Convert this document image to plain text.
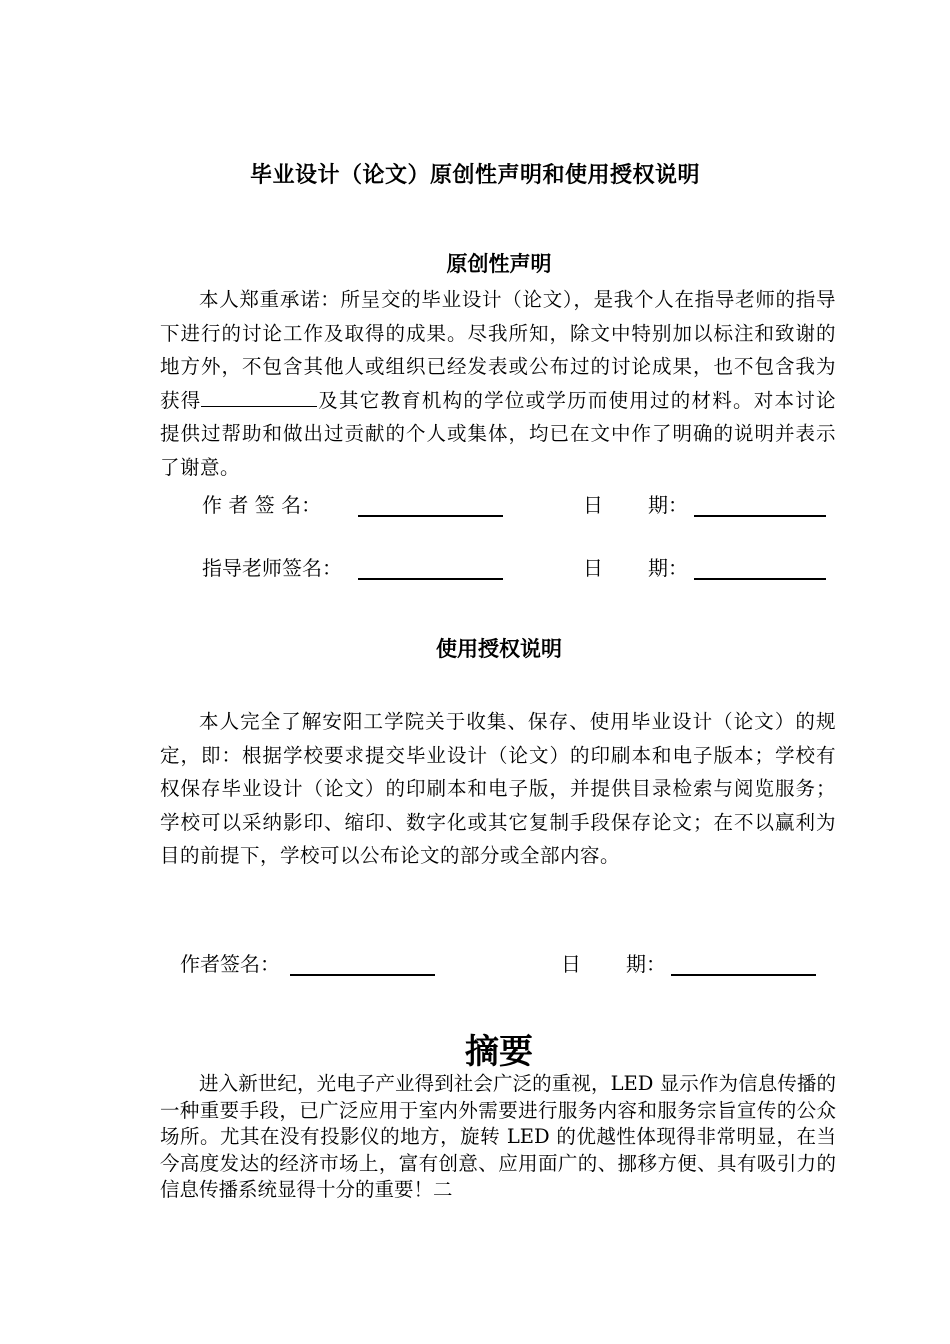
毕业设计（论文）原创性声明和使用授权说明
原创性声明

本人郑重承诺：所呈交的毕业设计（论文），是我个人在指导老师的指导下进行的讨论工作及取得的成果。尽我所知，除文中特别加以标注和致谢的地方外，不包含其他人或组织已经发表或公布过的讨论成果，也不包含我为获得	及其它教育机构的学位或学历而使用过的材料。对本讨论提供过帮助和做出过贡献的个人或集体，均已在文中作了明确的说明并表示了谢意。

作 者 签 名：	日 期：
指导老师签名：	日 期：
使用授权说明

本人完全了解安阳工学院关于收集、保存、使用毕业设计（论文）的规定，即：根据学校要求提交毕业设计（论文）的印刷本和电子版本；学校有权保存毕业设计（论文）的印刷本和电子版，并提供目录检索与阅览服务；学校可以采纳影印、缩印、数字化或其它复制手段保存论文；在不以赢利为目的前提下，学校可以公布论文的部分或全部内容。

作者签名：	日 期：
摘要

进入新世纪，光电子产业得到社会广泛的重视，LED 显示作为信息传播的一种重要手段，已广泛应用于室内外需要进行服务内容和服务宗旨宣传的公众场所。尤其在没有投影仪的地方，旋转 LED 的优越性体现得非常明显，在当今高度发达的经济市场上，富有创意、应用面广的、挪移方便、具有吸引力的信息传播系统显得十分的重要！二
